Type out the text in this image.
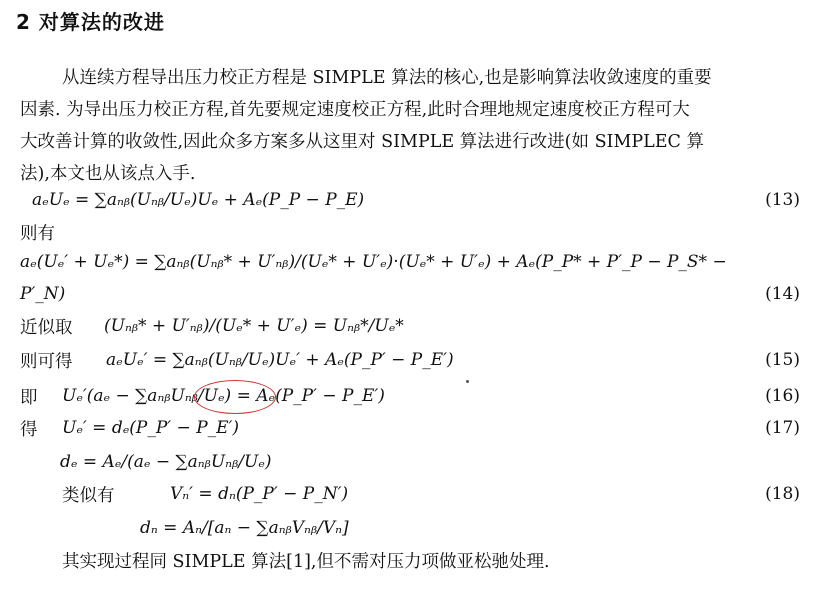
2 对算法的改进
从连续方程导出压力校正方程是 SIMPLE 算法的核心,也是影响算法收敛速度的重要
因素. 为导出压力校正方程,首先要规定速度校正方程,此时合理地规定速度校正方程可大
大改善计算的收敛性,因此众多方案多从这里对 SIMPLE 算法进行改进(如 SIMPLEC 算
法),本文也从该点入手.
aₑUₑ = ∑aₙᵦ(Uₙᵦ/Uₑ)Uₑ + Aₑ(P_P − P_E)	(13)
则有
aₑ(Uₑ′ + Uₑ*) = ∑aₙᵦ(Uₙᵦ* + U′ₙᵦ)/(Uₑ* + U′ₑ)·(Uₑ* + U′ₑ) + Aₑ(P_P* + P′_P − P_S* −
P′_N)	(14)
近似取 (Uₙᵦ* + U′ₙᵦ)/(Uₑ* + U′ₑ) = Uₙᵦ*/Uₑ*
则可得 aₑUₑ′ = ∑aₙᵦ(Uₙᵦ/Uₑ)Uₑ′ + Aₑ(P_P′ − P_E′)	(15)
即 Uₑ′(aₑ − ∑aₙᵦUₙᵦ/Uₑ) = Aₑ(P_P′ − P_E′)	(16)
得 Uₑ′ = dₑ(P_P′ − P_E′)	(17)
dₑ = Aₑ/(aₑ − ∑aₙᵦUₙᵦ/Uₑ)
类似有	Vₙ′ = dₙ(P_P′ − P_N′)	(18)
dₙ = Aₙ/[aₙ − ∑aₙᵦVₙᵦ/Vₙ]
其实现过程同 SIMPLE 算法[1],但不需对压力项做亚松驰处理.
